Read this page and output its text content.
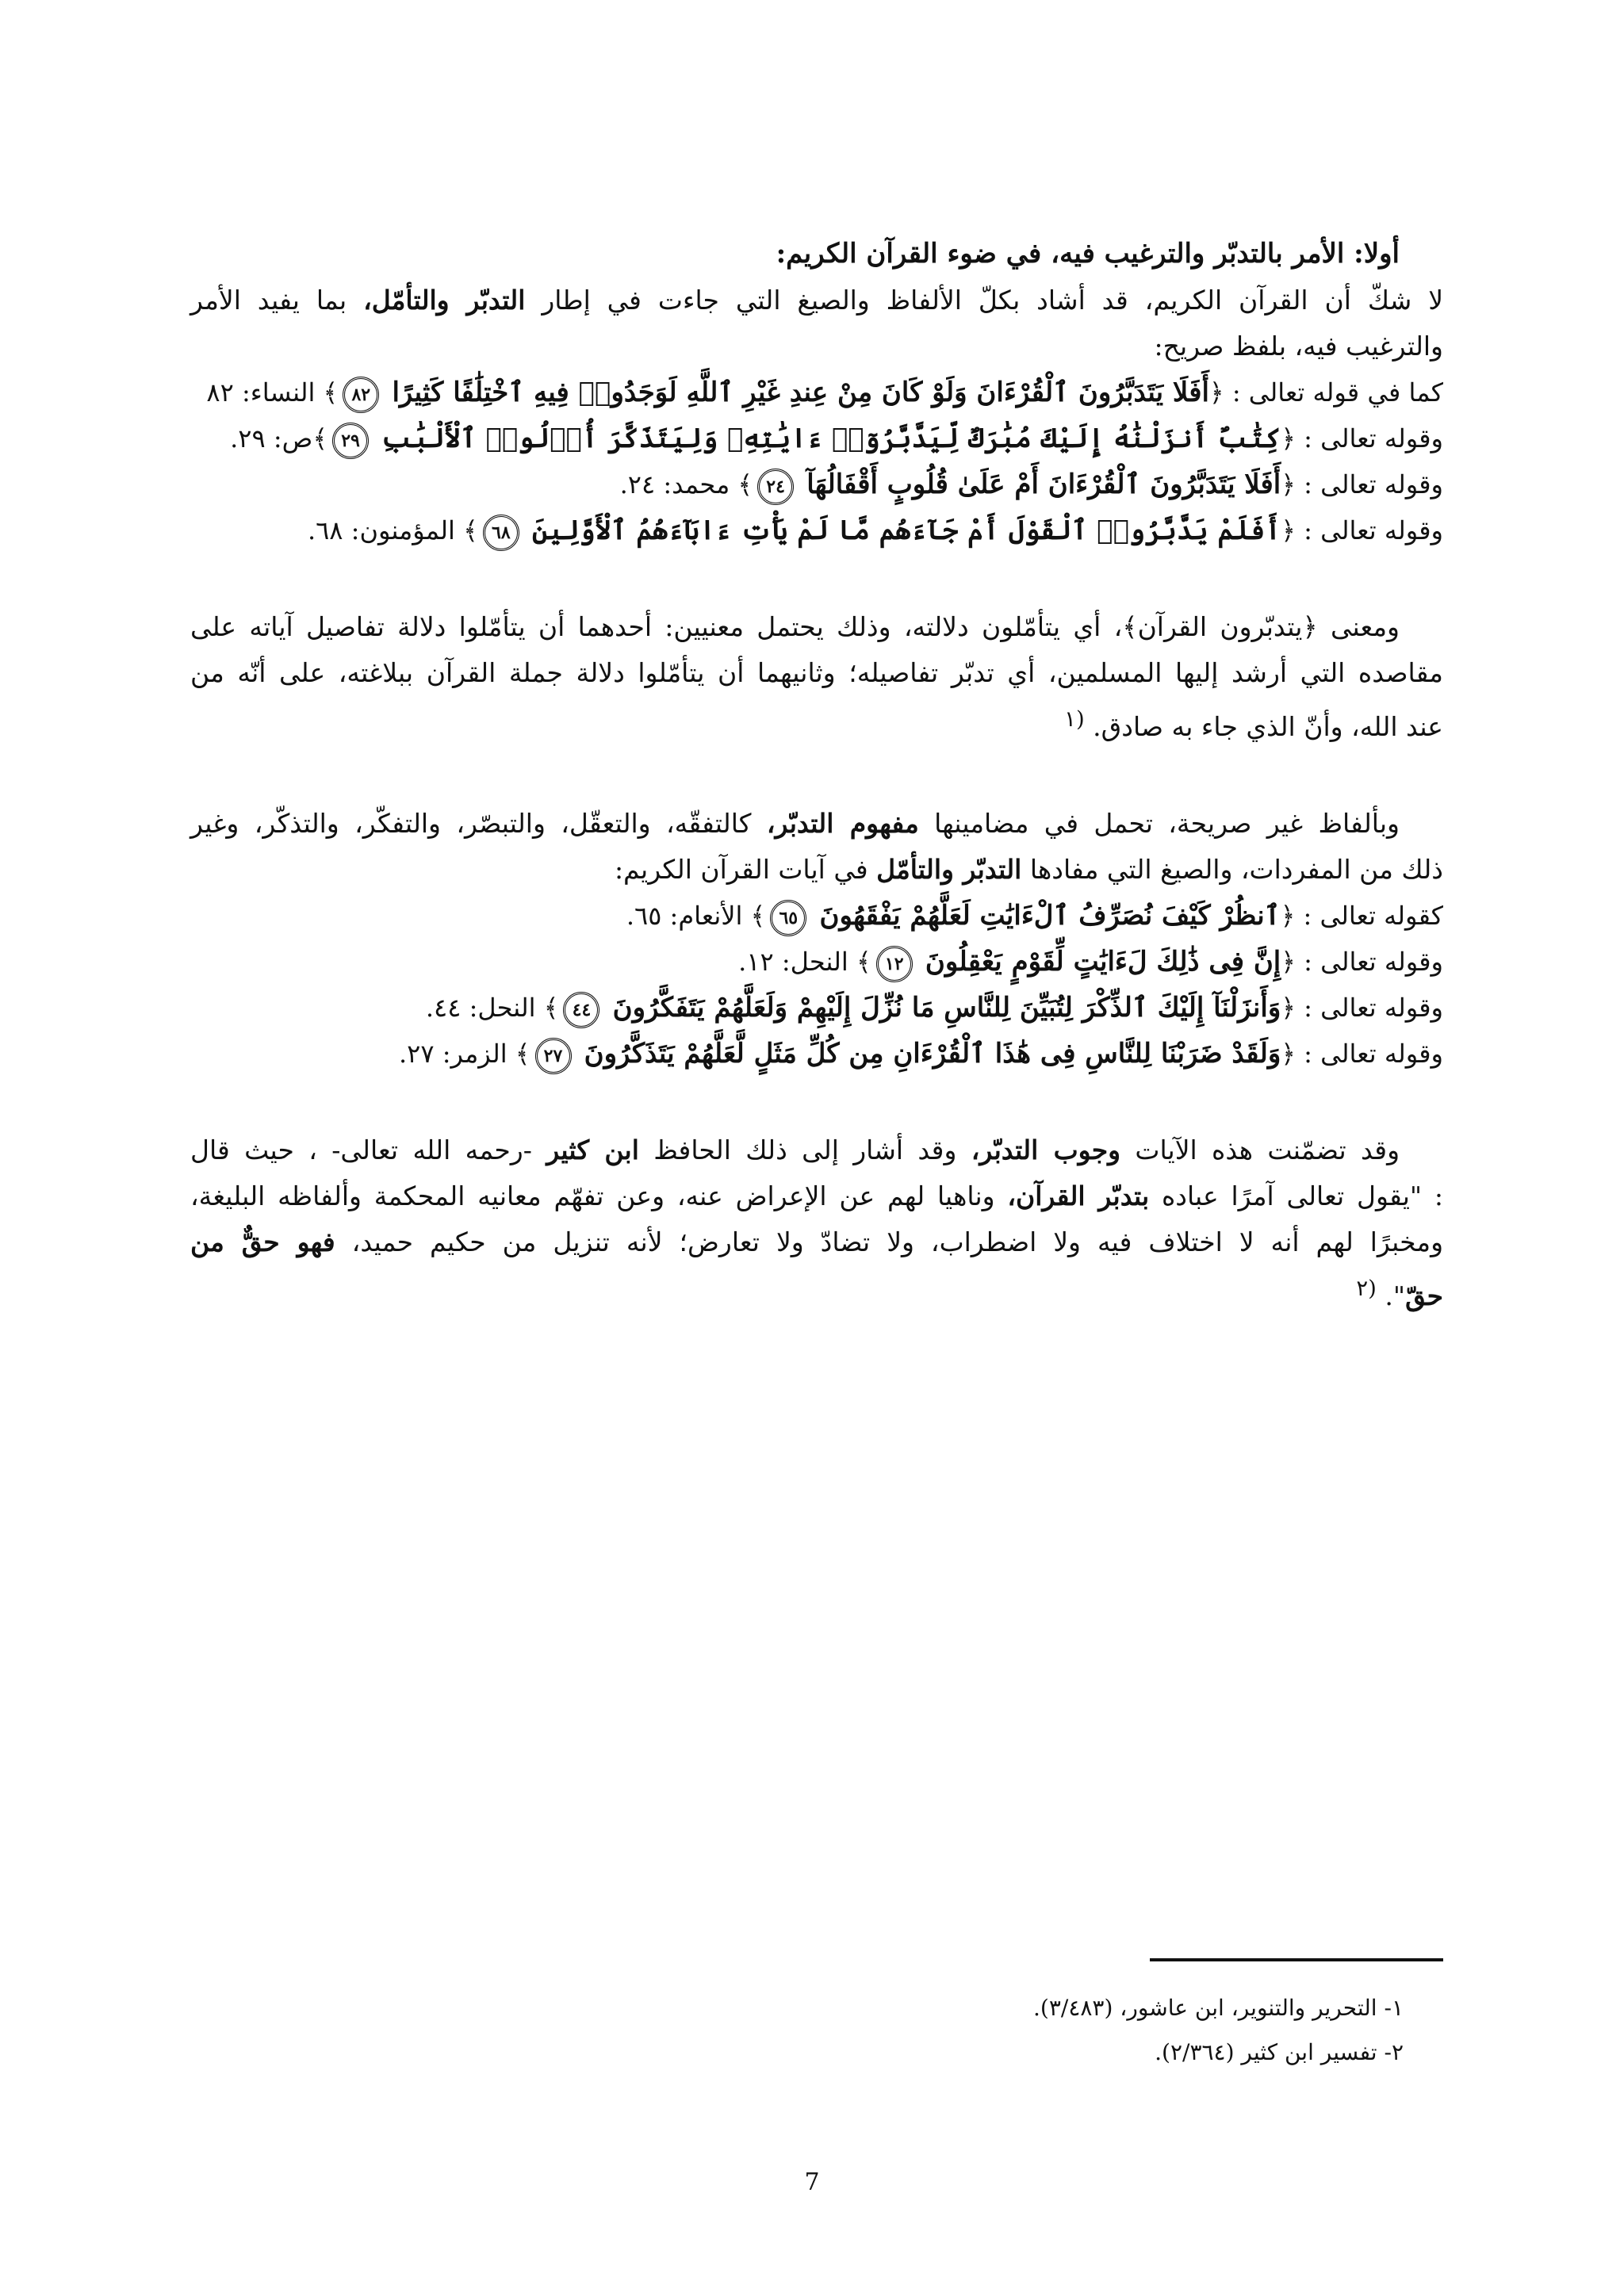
أولا: الأمر بالتدبّر والترغيب فيه، في ضوء القرآن الكريم:
لا شكّ أن القرآن الكريم، قد أشاد بكلّ الألفاظ والصيغ التي جاءت في إطار التدبّر والتأمّل، بما يفيد الأمر
والترغيب فيه، بلفظ صريح:
كما في قوله تعالى : ﴿أَفَلَا يَتَدَبَّرُونَ ٱلْقُرْءَانَ وَلَوْ كَانَ مِنْ عِندِ غَيْرِ ٱللَّهِ لَوَجَدُوا۟ فِيهِ ٱخْتِلَٰفًا كَثِيرًا ٨٢﴾ النساء: ٨٢
وقوله تعالى : ﴿كِتَٰبٌ أَنزَلْنَٰهُ إِلَيْكَ مُبَٰرَكٌ لِّيَدَّبَّرُوٓا۟ ءَايَٰتِهِۦ وَلِيَتَذَكَّرَ أُو۟لُوا۟ ٱلْأَلْبَٰبِ ٢٩﴾ص: ٢٩.
وقوله تعالى : ﴿أَفَلَا يَتَدَبَّرُونَ ٱلْقُرْءَانَ أَمْ عَلَىٰ قُلُوبٍ أَقْفَالُهَآ ٢٤﴾ محمد: ٢٤.
وقوله تعالى : ﴿أَفَلَمْ يَدَّبَّرُوا۟ ٱلْقَوْلَ أَمْ جَآءَهُم مَّا لَمْ يَأْتِ ءَابَآءَهُمُ ٱلْأَوَّلِينَ ٦٨﴾ المؤمنون: ٦٨.
ومعنى ﴿يتدبّرون القرآن﴾، أي يتأمّلون دلالته، وذلك يحتمل معنيين: أحدهما أن يتأمّلوا دلالة تفاصيل آياته على
مقاصده التي أرشد إليها المسلمين، أي تدبّر تفاصيله؛ وثانيهما أن يتأمّلوا دلالة جملة القرآن ببلاغته، على أنّه من
عند الله، وأنّ الذي جاء به صادق. $^{(١}$
وبألفاظ غير صريحة، تحمل في مضامينها مفهوم التدبّر، كالتفقّه، والتعقّل، والتبصّر، والتفكّر، والتذكّر، وغير
ذلك من المفردات، والصيغ التي مفادها التدبّر والتأمّل في آيات القرآن الكريم:
كقوله تعالى : ﴿ٱنظُرْ كَيْفَ نُصَرِّفُ ٱلْءَايَٰتِ لَعَلَّهُمْ يَفْقَهُونَ ٦٥﴾ الأنعام: ٦٥.
وقوله تعالى : ﴿إِنَّ فِى ذَٰلِكَ لَءَايَٰتٍ لِّقَوْمٍ يَعْقِلُونَ ١٢﴾ النحل: ١٢.
وقوله تعالى : ﴿وَأَنزَلْنَآ إِلَيْكَ ٱلذِّكْرَ لِتُبَيِّنَ لِلنَّاسِ مَا نُزِّلَ إِلَيْهِمْ وَلَعَلَّهُمْ يَتَفَكَّرُونَ ٤٤﴾ النحل: ٤٤.
وقوله تعالى : ﴿وَلَقَدْ ضَرَبْنَا لِلنَّاسِ فِى هَٰذَا ٱلْقُرْءَانِ مِن كُلِّ مَثَلٍ لَّعَلَّهُمْ يَتَذَكَّرُونَ ٢٧﴾ الزمر: ٢٧.
وقد تضمّنت هذه الآيات وجوب التدبّر، وقد أشار إلى ذلك الحافظ ابن كثير -رحمه الله تعالى- ، حيث قال
: "يقول تعالى آمرًا عباده بتدبّر القرآن، وناهيا لهم عن الإعراض عنه، وعن تفهّم معانيه المحكمة وألفاظه البليغة،
ومخبرًا لهم أنه لا اختلاف فيه ولا اضطراب، ولا تضادّ ولا تعارض؛ لأنه تنزيل من حكيم حميد، فهو حقٌّ من
حقّ". $^{(٢}$
١- التحرير والتنوير، ابن عاشور، (٣/٤٨٣).
٢- تفسير ابن كثير (٢/٣٦٤).
7
